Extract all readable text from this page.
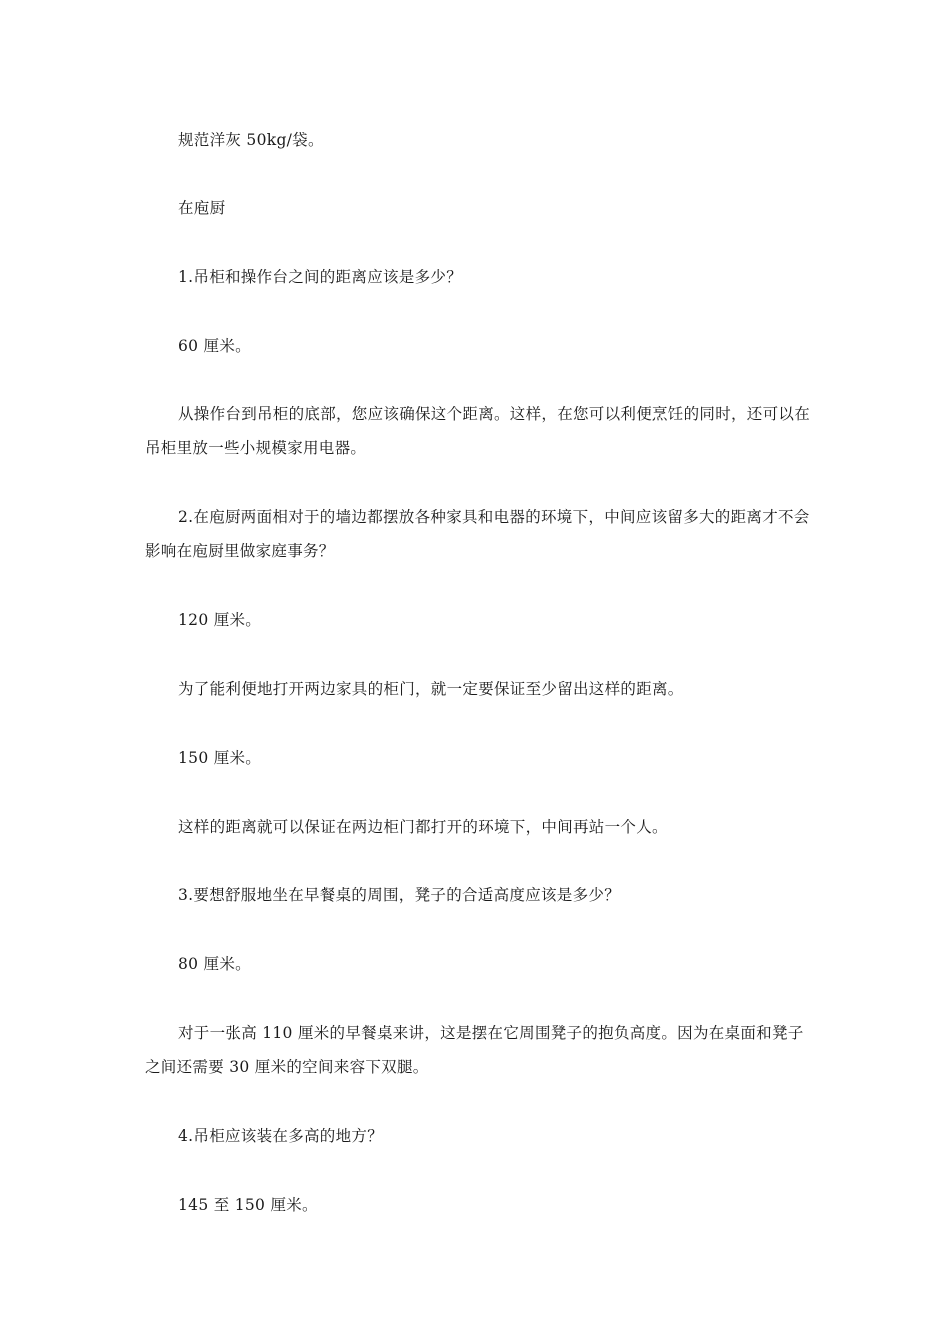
规范洋灰 50kg/袋。

在庖厨

1.吊柜和操作台之间的距离应该是多少？

60 厘米。

从操作台到吊柜的底部，您应该确保这个距离。这样，在您可以利便烹饪的同时，还可以在吊柜里放一些小规模家用电器。

2.在庖厨两面相对于的墙边都摆放各种家具和电器的环境下，中间应该留多大的距离才不会影响在庖厨里做家庭事务？

120 厘米。

为了能利便地打开两边家具的柜门，就一定要保证至少留出这样的距离。

150 厘米。

这样的距离就可以保证在两边柜门都打开的环境下，中间再站一个人。

3.要想舒服地坐在早餐桌的周围，凳子的合适高度应该是多少？

80 厘米。

对于一张高 110 厘米的早餐桌来讲，这是摆在它周围凳子的抱负高度。因为在桌面和凳子之间还需要 30 厘米的空间来容下双腿。

4.吊柜应该装在多高的地方？

145 至 150 厘米。
